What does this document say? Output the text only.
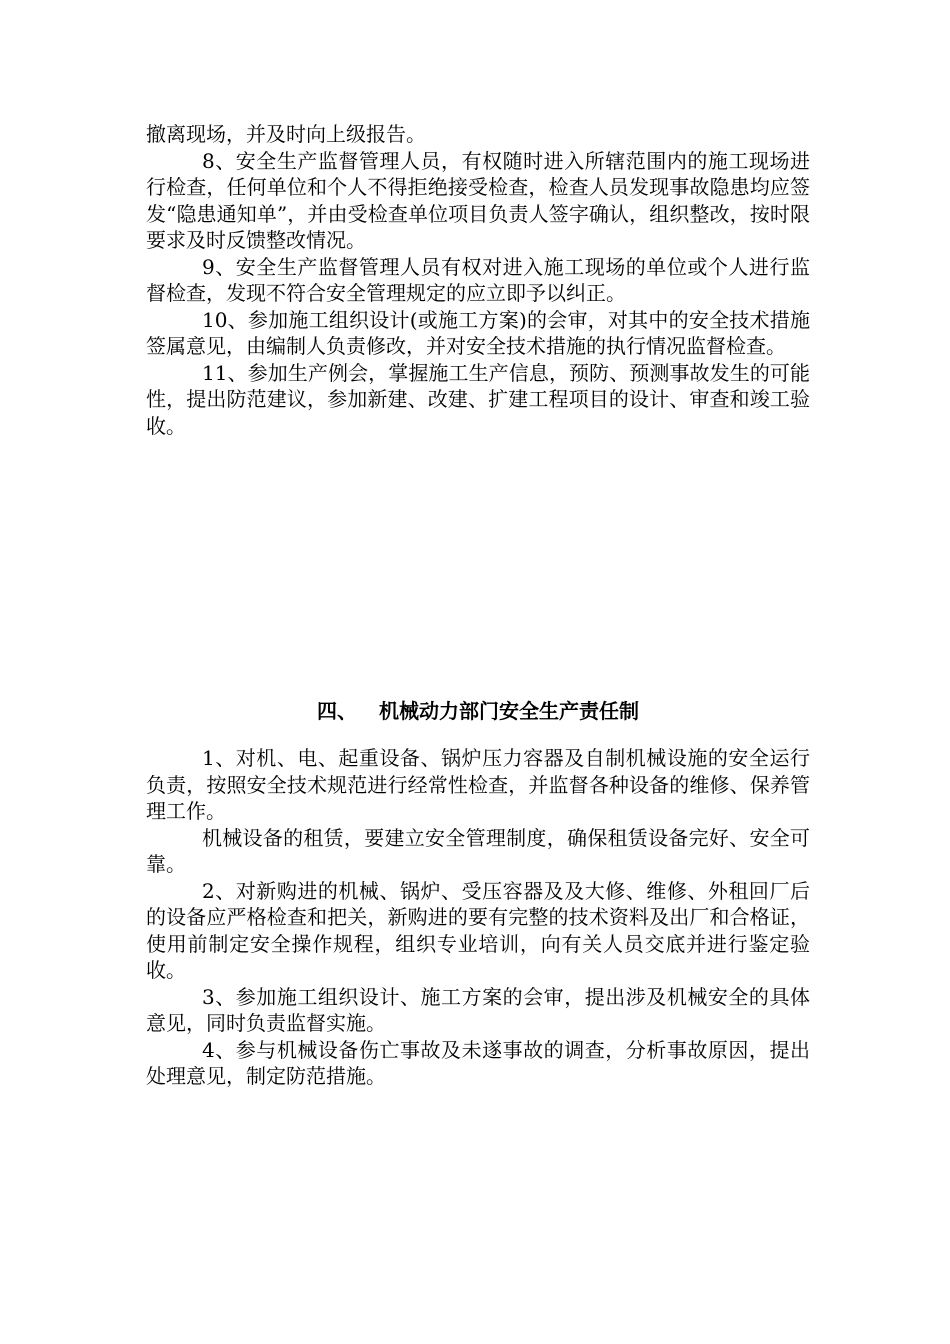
撤离现场，并及时向上级报告。

8、安全生产监督管理人员，有权随时进入所辖范围内的施工现场进行检查，任何单位和个人不得拒绝接受检查，检查人员发现事故隐患均应签发“隐患通知单”，并由受检查单位项目负责人签字确认，组织整改，按时限要求及时反馈整改情况。

9、安全生产监督管理人员有权对进入施工现场的单位或个人进行监督检查，发现不符合安全管理规定的应立即予以纠正。

10、参加施工组织设计(或施工方案)的会审，对其中的安全技术措施签属意见，由编制人负责修改，并对安全技术措施的执行情况监督检查。

11、参加生产例会，掌握施工生产信息，预防、预测事故发生的可能性，提出防范建议，参加新建、改建、扩建工程项目的设计、审查和竣工验收。

四、 机械动力部门安全生产责任制

1、对机、电、起重设备、锅炉压力容器及自制机械设施的安全运行负责，按照安全技术规范进行经常性检查，并监督各种设备的维修、保养管理工作。

机械设备的租赁，要建立安全管理制度，确保租赁设备完好、安全可靠。

2、对新购进的机械、锅炉、受压容器及及大修、维修、外租回厂后的设备应严格检查和把关，新购进的要有完整的技术资料及出厂和合格证，使用前制定安全操作规程，组织专业培训，向有关人员交底并进行鉴定验收。

3、参加施工组织设计、施工方案的会审，提出涉及机械安全的具体意见，同时负责监督实施。

4、参与机械设备伤亡事故及未遂事故的调查，分析事故原因，提出处理意见，制定防范措施。
